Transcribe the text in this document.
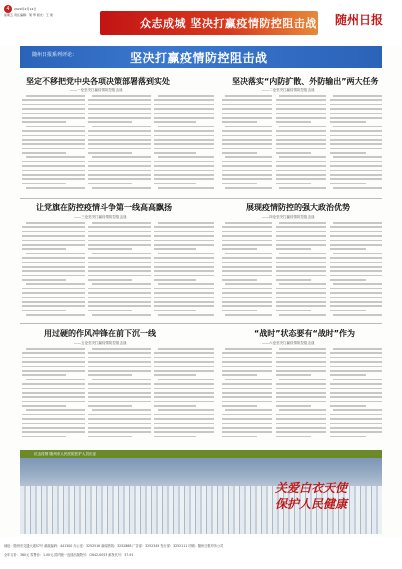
4 2020年2月14日
星期五 责任编辑：周 琴 版式：王 建
众志成城 坚决打赢疫情防控阻击战 随州日报
随州日报系列评论：	坚决打赢疫情防控阻击战
坚定不移把党中央各项决策部署落到实处
——一论坚决打赢疫情防控阻击战
坚决落实“内防扩散、外防输出”两大任务
——二论坚决打赢疫情防控阻击战
让党旗在防控疫情斗争第一线高高飘扬
——三论坚决打赢疫情防控阻击战
展现疫情防控的强大政治优势
——四论坚决打赢疫情防控阻击战
用过硬的作风冲锋在前下沉一线
——五论坚决打赢疫情防控阻击战
“战时”状态要有“战时”作为
——六论坚决打赢疫情防控阻击战
抗击疫情 随州市人民医院医护人员出征
关爱白衣天使
保护人民健康
地址：随州市交通大道57号 邮政编码：441300 办公室：3252516 新闻热线：3252888 广告部：3252345 发行部：3252111 印刷：随州日报印务公司
全年订价：360元 零售价：1.00元 国内统一连续出版物号：CN42-0053 邮发代号：37-91
